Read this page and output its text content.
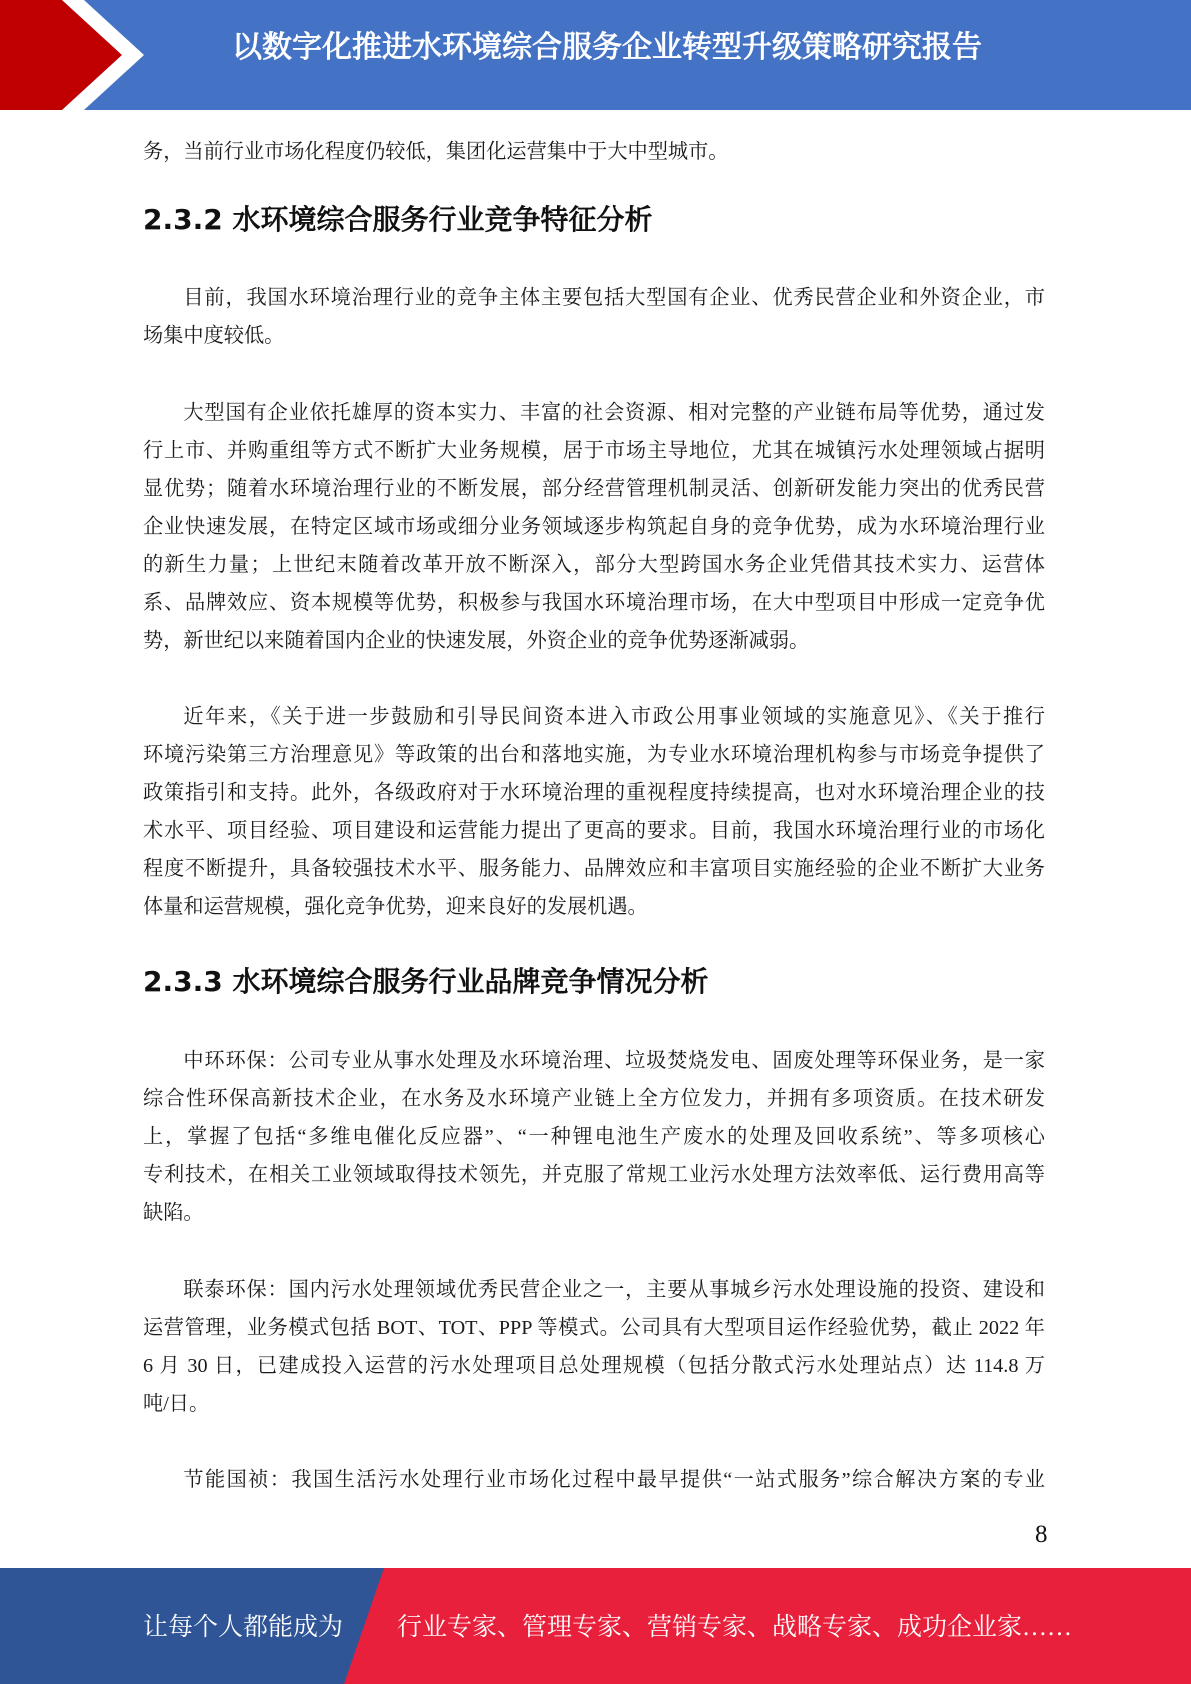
以数字化推进水环境综合服务企业转型升级策略研究报告
务，当前行业市场化程度仍较低，集团化运营集中于大中型城市。
2.3.2 水环境综合服务行业竞争特征分析
目前，我国水环境治理行业的竞争主体主要包括大型国有企业、优秀民营企业和外资企业，市
场集中度较低。
大型国有企业依托雄厚的资本实力、丰富的社会资源、相对完整的产业链布局等优势，通过发
行上市、并购重组等方式不断扩大业务规模，居于市场主导地位，尤其在城镇污水处理领域占据明
显优势；随着水环境治理行业的不断发展，部分经营管理机制灵活、创新研发能力突出的优秀民营
企业快速发展，在特定区域市场或细分业务领域逐步构筑起自身的竞争优势，成为水环境治理行业
的新生力量；上世纪末随着改革开放不断深入，部分大型跨国水务企业凭借其技术实力、运营体
系、品牌效应、资本规模等优势，积极参与我国水环境治理市场，在大中型项目中形成一定竞争优
势，新世纪以来随着国内企业的快速发展，外资企业的竞争优势逐渐减弱。
近年来，《关于进一步鼓励和引导民间资本进入市政公用事业领域的实施意见》、《关于推行
环境污染第三方治理意见》等政策的出台和落地实施，为专业水环境治理机构参与市场竞争提供了
政策指引和支持。此外，各级政府对于水环境治理的重视程度持续提高，也对水环境治理企业的技
术水平、项目经验、项目建设和运营能力提出了更高的要求。目前，我国水环境治理行业的市场化
程度不断提升，具备较强技术水平、服务能力、品牌效应和丰富项目实施经验的企业不断扩大业务
体量和运营规模，强化竞争优势，迎来良好的发展机遇。
2.3.3 水环境综合服务行业品牌竞争情况分析
中环环保：公司专业从事水处理及水环境治理、垃圾焚烧发电、固废处理等环保业务，是一家
综合性环保高新技术企业，在水务及水环境产业链上全方位发力，并拥有多项资质。在技术研发
上，掌握了包括“多维电催化反应器”、“一种锂电池生产废水的处理及回收系统”、等多项核心
专利技术，在相关工业领域取得技术领先，并克服了常规工业污水处理方法效率低、运行费用高等
缺陷。
联泰环保：国内污水处理领域优秀民营企业之一，主要从事城乡污水处理设施的投资、建设和
运营管理，业务模式包括 BOT、TOT、PPP 等模式。公司具有大型项目运作经验优势，截止 2022 年
6 月 30 日，已建成投入运营的污水处理项目总处理规模（包括分散式污水处理站点）达 114.8 万
吨/日。
节能国祯：我国生活污水处理行业市场化过程中最早提供“一站式服务”综合解决方案的专业
8
让每个人都能成为 行业专家、管理专家、营销专家、战略专家、成功企业家……
